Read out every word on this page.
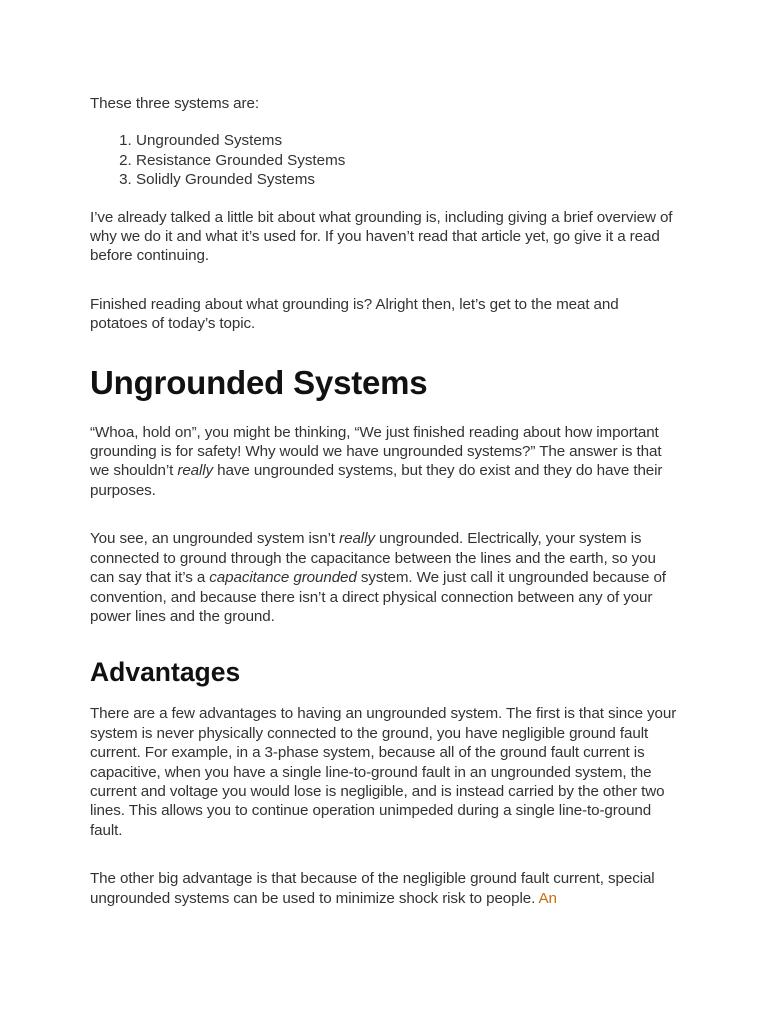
These three systems are:

1. Ungrounded Systems
2. Resistance Grounded Systems
3. Solidly Grounded Systems

I’ve already talked a little bit about what grounding is, including giving a brief overview of why we do it and what it’s used for. If you haven’t read that article yet, go give it a read before continuing.

Finished reading about what grounding is? Alright then, let’s get to the meat and potatoes of today’s topic.

Ungrounded Systems

“Whoa, hold on”, you might be thinking, “We just finished reading about how important grounding is for safety! Why would we have ungrounded systems?” The answer is that we shouldn’t really have ungrounded systems, but they do exist and they do have their purposes.

You see, an ungrounded system isn’t really ungrounded. Electrically, your system is connected to ground through the capacitance between the lines and the earth, so you can say that it’s a capacitance grounded system. We just call it ungrounded because of convention, and because there isn’t a direct physical connection between any of your power lines and the ground.

Advantages

There are a few advantages to having an ungrounded system. The first is that since your system is never physically connected to the ground, you have negligible ground fault current. For example, in a 3-phase system, because all of the ground fault current is capacitive, when you have a single line-to-ground fault in an ungrounded system, the current and voltage you would lose is negligible, and is instead carried by the other two lines. This allows you to continue operation unimpeded during a single line-to-ground fault.

The other big advantage is that because of the negligible ground fault current, special ungrounded systems can be used to minimize shock risk to people. An
